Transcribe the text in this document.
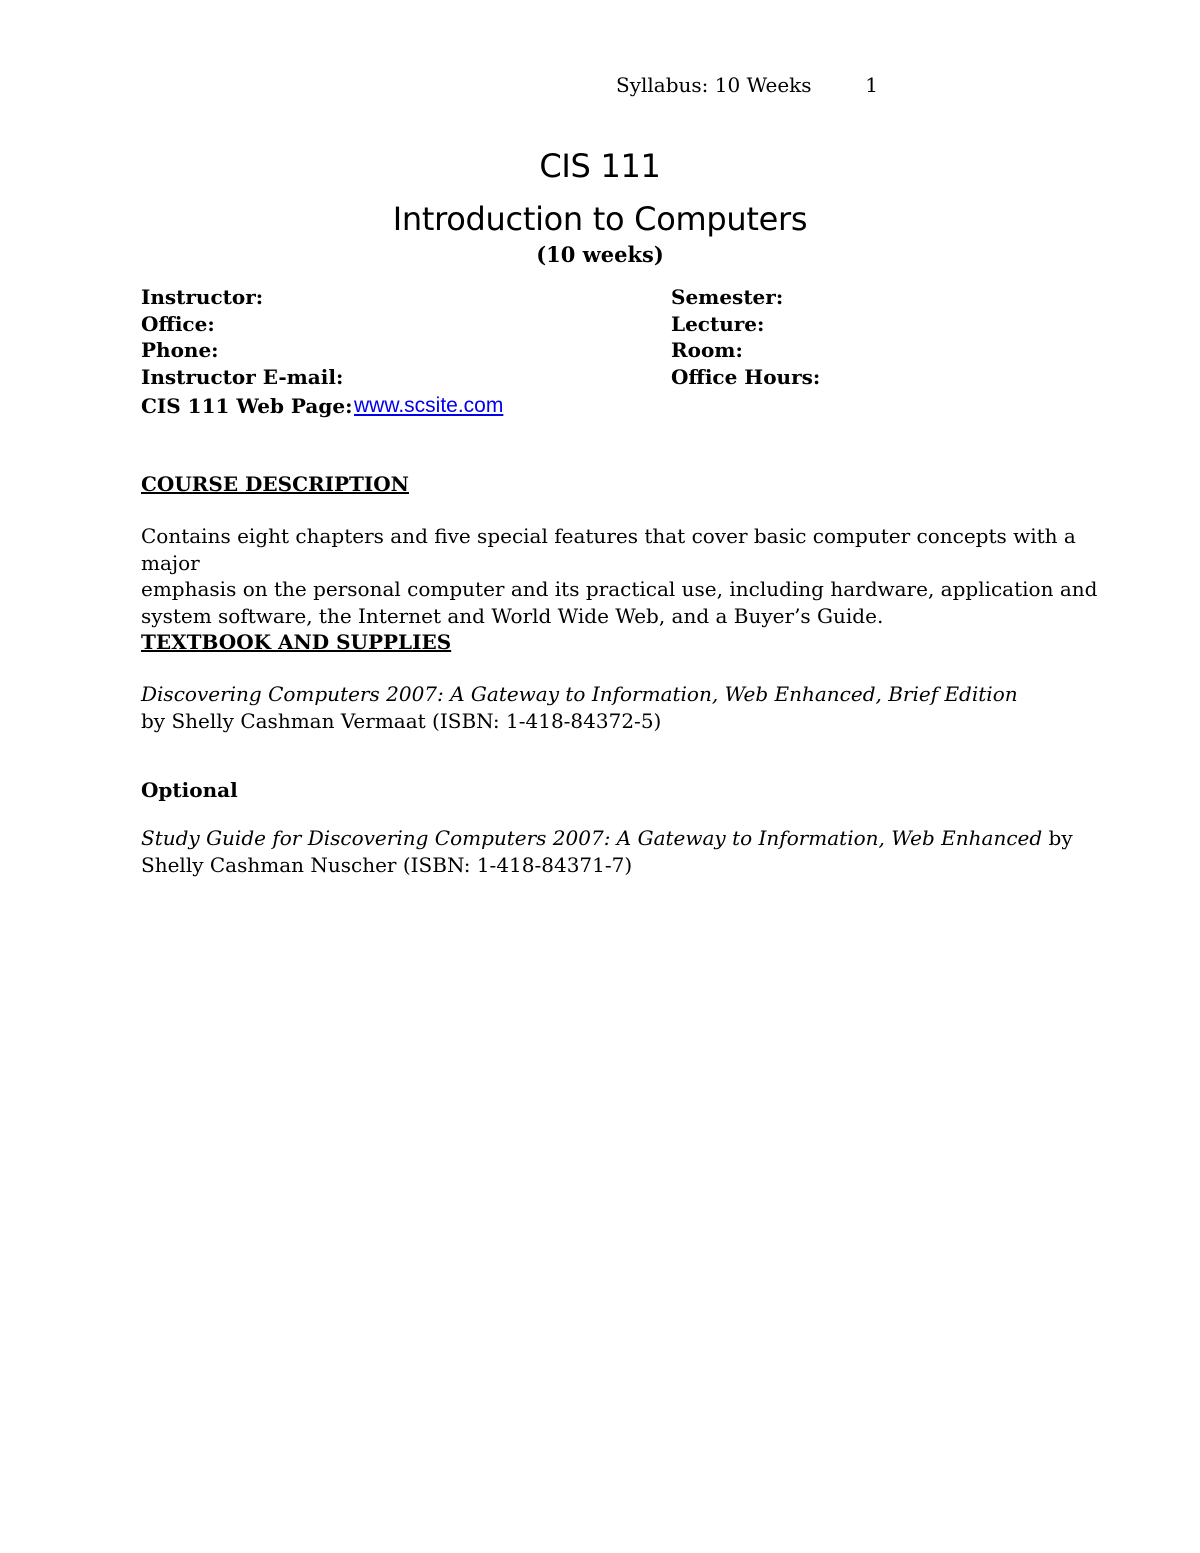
Syllabus: 10 Weeks	1
CIS 111
Introduction to Computers
(10 weeks)
Instructor:	Semester:
Office:	Lecture:
Phone:	Room:
Instructor E-mail:	Office Hours:
CIS 111 Web Page: www.scsite.com
COURSE DESCRIPTION
Contains eight chapters and five special features that cover basic computer concepts with a major
emphasis on the personal computer and its practical use, including hardware, application and
system software, the Internet and World Wide Web, and a Buyer’s Guide.
TEXTBOOK AND SUPPLIES
Discovering Computers 2007: A Gateway to Information, Web Enhanced, Brief Edition
by Shelly Cashman Vermaat (ISBN: 1-418-84372-5)
Optional
Study Guide for Discovering Computers 2007: A Gateway to Information, Web Enhanced by
Shelly Cashman Nuscher (ISBN: 1-418-84371-7)
